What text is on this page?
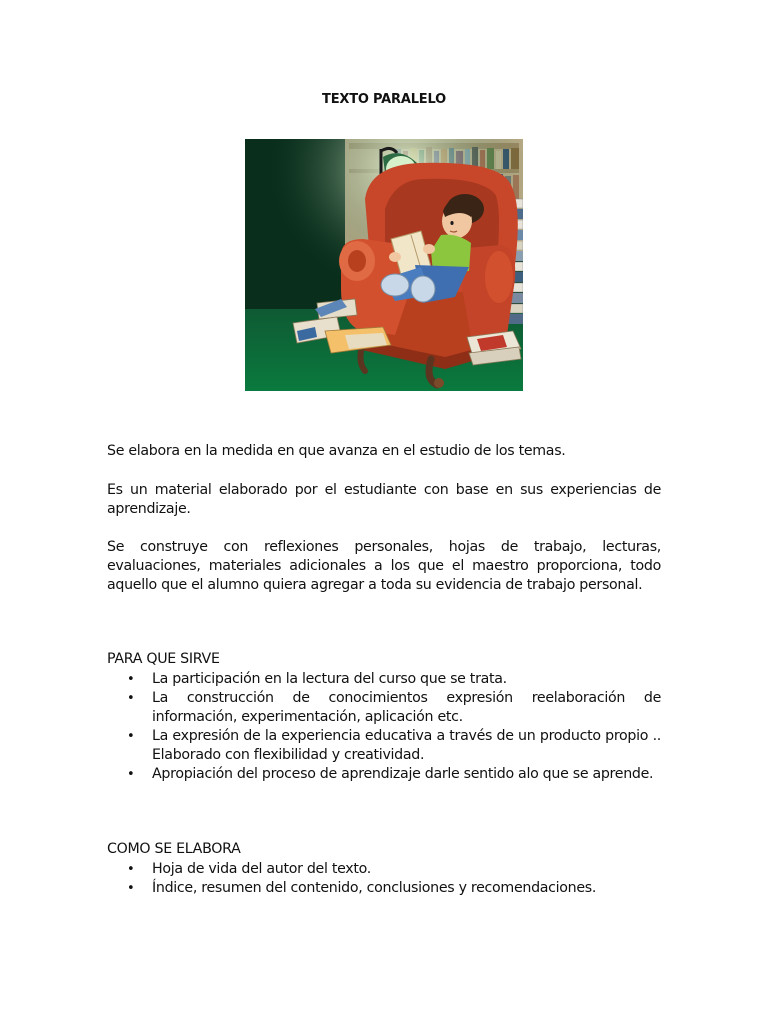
TEXTO PARALELO
Se elabora en la medida en que avanza en el estudio de los temas.
Es un material elaborado por el estudiante con base en sus experiencias de aprendizaje.
Se construye con reflexiones personales, hojas de trabajo, lecturas, evaluaciones, materiales adicionales a los que el maestro proporciona, todo aquello que el alumno quiera agregar a toda su evidencia de trabajo personal.
PARA QUE SIRVE
• La participación en la lectura del curso que se trata.
• La construcción de conocimientos expresión reelaboración de información, experimentación, aplicación etc.
• La expresión de la experiencia educativa a través de un producto propio .. Elaborado con flexibilidad y creatividad.
• Apropiación del proceso de aprendizaje darle sentido alo que se aprende.
COMO SE ELABORA
• Hoja de vida del autor del texto.
• Índice, resumen del contenido, conclusiones y recomendaciones.
